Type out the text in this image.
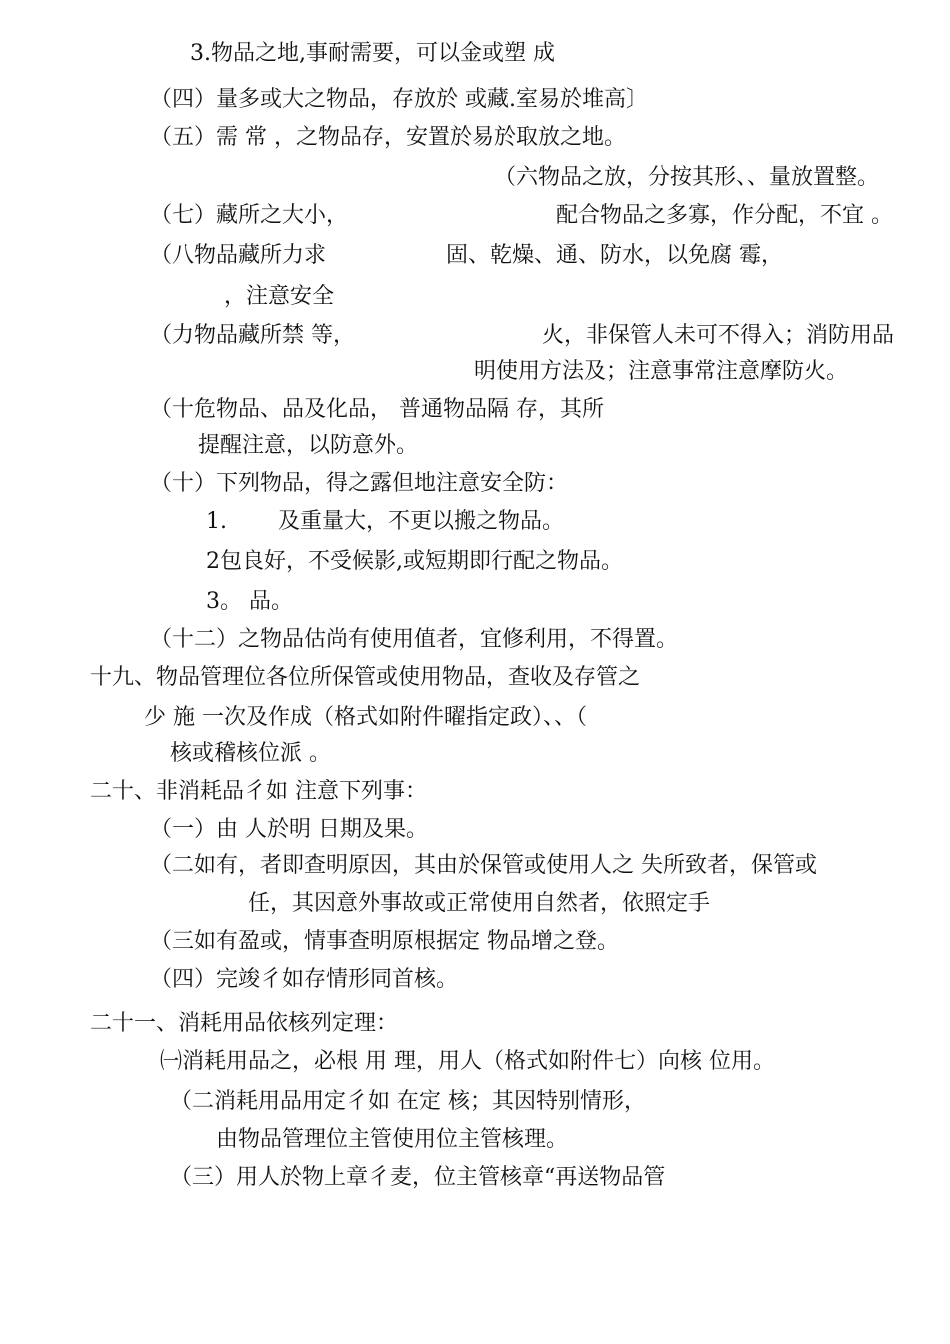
3.物品之地,事耐需要，可以金或塑 成
（四）量多或大之物品，存放於 或藏.室易於堆高〕
（五）需 常 ，之物品存，安置於易於取放之地。
（六物品之放，分按其形、、量放置整。
（七）藏所之大小，	配合物品之多寡，作分配，不宜 。
（八物品藏所力求	固、乾燥、通、防水，以免腐 霉，
，注意安全
（力物品藏所禁 等，	火，非保管人未可不得入；消防用品
明使用方法及；注意事常注意摩防火。
（十危物品、品及化品， 普通物品隔 存，其所
提醒注意，以防意外。
（十）下列物品，得之露但地注意安全防：
1. 及重量大，不更以搬之物品。
2包良好，不受候影,或短期即行配之物品。
3。 品。
（十二）之物品估尚有使用值者，宜修利用，不得置。
十九、物品管理位各位所保管或使用物品，查收及存管之
少 施 一次及作成（格式如附件曜指定政）、、（
核或稽核位派 。
二十、非消耗品彳如 注意下列事：
（一）由 人於明 日期及果。
（二如有，者即查明原因，其由於保管或使用人之 失所致者，保管或
任，其因意外事故或正常使用自然者，依照定手
（三如有盈或，情事查明原根据定 物品增之登。
（四）完竣彳如存情形同首核。
二十一、消耗用品依核列定理：
㈠消耗用品之，必根 用 理，用人（格式如附件七）向核 位用。
（二消耗用品用定彳如 在定 核；其因特别情形，
由物品管理位主管使用位主管核理。
（三）用人於物上章彳麦，位主管核章“再送物品管
